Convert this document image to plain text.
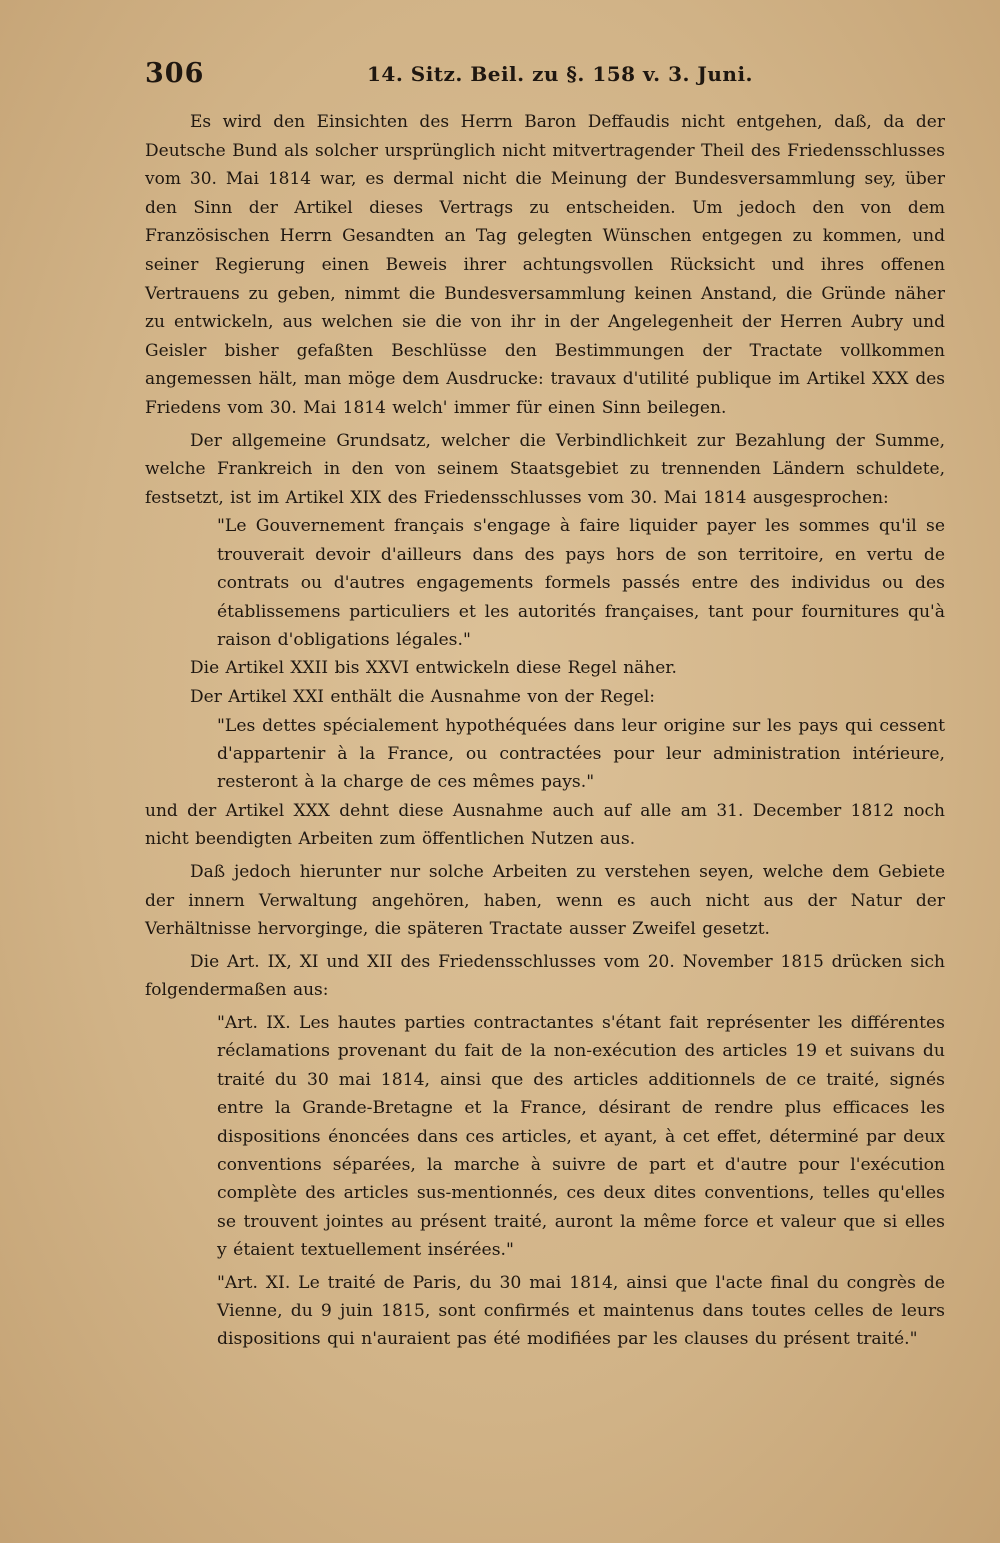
306	14. Sitz. Beil. zu §. 158 v. 3. Juni.

Es wird den Einsichten des Herrn Baron Deffaudis nicht entgehen, daß, da der Deutsche Bund als solcher ursprünglich nicht mitvertragender Theil des Friedensschlusses vom 30. Mai 1814 war, es dermal nicht die Meinung der Bundesversammlung sey, über den Sinn der Artikel dieses Vertrags zu entscheiden. Um jedoch den von dem Französischen Herrn Gesandten an Tag gelegten Wünschen entgegen zu kommen, und seiner Regierung einen Beweis ihrer achtungsvollen Rücksicht und ihres offenen Vertrauens zu geben, nimmt die Bundesversammlung keinen Anstand, die Gründe näher zu entwickeln, aus welchen sie die von ihr in der Angelegenheit der Herren Aubry und Geisler bisher gefaßten Beschlüsse den Bestimmungen der Tractate vollkommen angemessen hält, man möge dem Ausdrucke: travaux d'utilité publique im Artikel XXX des Friedens vom 30. Mai 1814 welch' immer für einen Sinn beilegen.

Der allgemeine Grundsatz, welcher die Verbindlichkeit zur Bezahlung der Summe, welche Frankreich in den von seinem Staatsgebiet zu trennenden Ländern schuldete, festsetzt, ist im Artikel XIX des Friedensschlusses vom 30. Mai 1814 ausgesprochen:

"Le Gouvernement français s'engage à faire liquider payer les sommes qu'il se trouverait devoir d'ailleurs dans des pays hors de son territoire, en vertu de contrats ou d'autres engagements formels passés entre des individus ou des établissemens particuliers et les autorités françaises, tant pour fournitures qu'à raison d'obligations légales."

Die Artikel XXII bis XXVI entwickeln diese Regel näher.

Der Artikel XXI enthält die Ausnahme von der Regel:

"Les dettes spécialement hypothéquées dans leur origine sur les pays qui cessent d'appartenir à la France, ou contractées pour leur administration intérieure, resteront à la charge de ces mêmes pays."

und der Artikel XXX dehnt diese Ausnahme auch auf alle am 31. December 1812 noch nicht beendigten Arbeiten zum öffentlichen Nutzen aus.

Daß jedoch hierunter nur solche Arbeiten zu verstehen seyen, welche dem Gebiete der innern Verwaltung angehören, haben, wenn es auch nicht aus der Natur der Verhältnisse hervorginge, die späteren Tractate ausser Zweifel gesetzt.

Die Art. IX, XI und XII des Friedensschlusses vom 20. November 1815 drücken sich folgendermaßen aus:

"Art. IX. Les hautes parties contractantes s'étant fait représenter les différentes réclamations provenant du fait de la non-exécution des articles 19 et suivans du traité du 30 mai 1814, ainsi que des articles additionnels de ce traité, signés entre la Grande-Bretagne et la France, désirant de rendre plus efficaces les dispositions énoncées dans ces articles, et ayant, à cet effet, déterminé par deux conventions séparées, la marche à suivre de part et d'autre pour l'exécution complète des articles sus-mentionnés, ces deux dites conventions, telles qu'elles se trouvent jointes au présent traité, auront la même force et valeur que si elles y étaient textuellement insérées."

"Art. XI. Le traité de Paris, du 30 mai 1814, ainsi que l'acte final du congrès de Vienne, du 9 juin 1815, sont confirmés et maintenus dans toutes celles de leurs dispositions qui n'auraient pas été modifiées par les clauses du présent traité."
